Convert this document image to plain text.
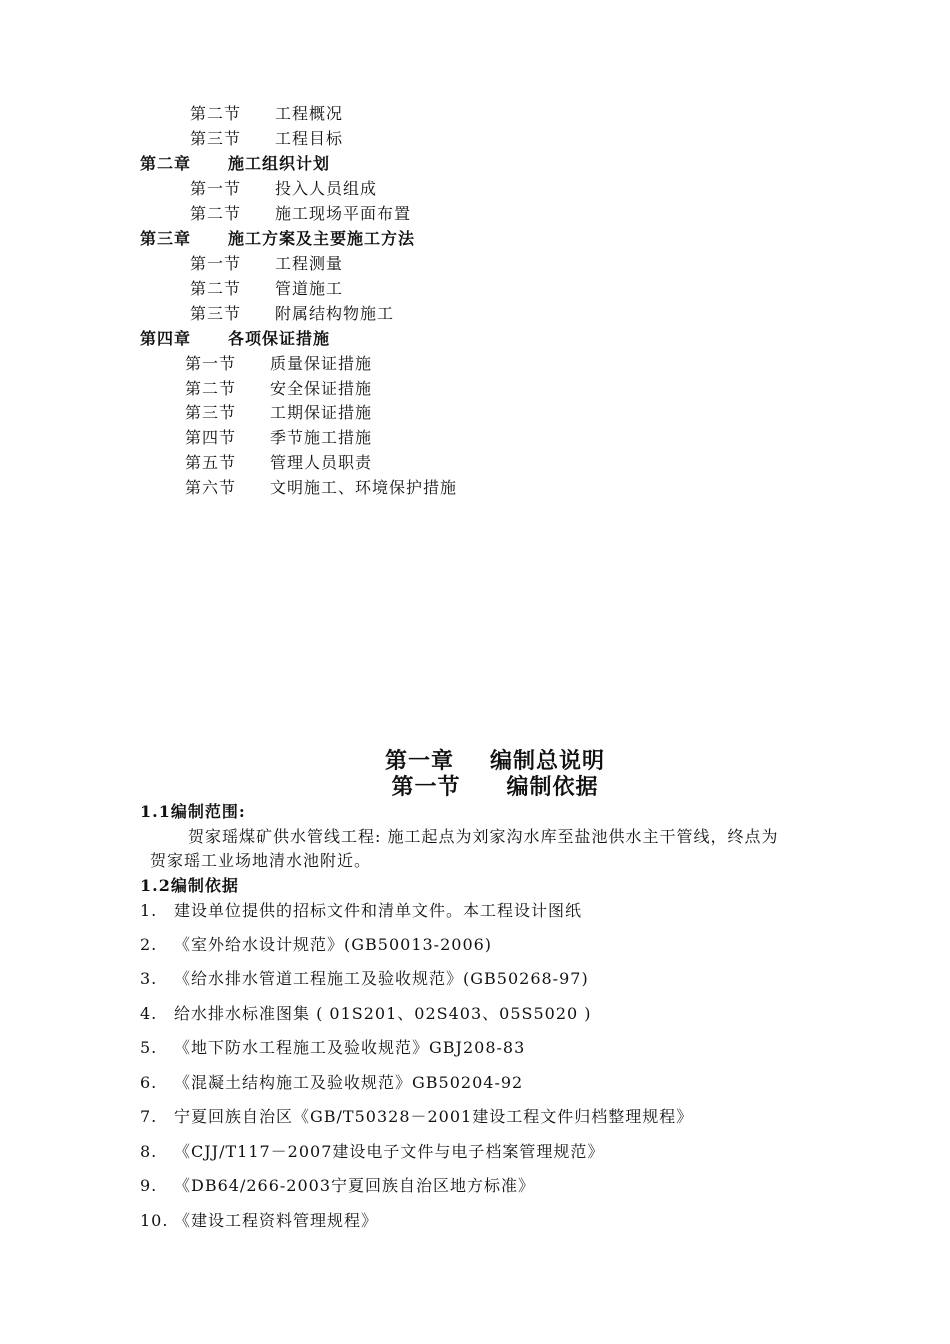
第二节 工程概况
第三节 工程目标
第二章 施工组织计划
第一节 投入人员组成
第二节 施工现场平面布置
第三章 施工方案及主要施工方法
第一节 工程测量
第二节 管道施工
第三节 附属结构物施工
第四章 各项保证措施
第一节 质量保证措施
第二节 安全保证措施
第三节 工期保证措施
第四节 季节施工措施
第五节 管理人员职责
第六节 文明施工、环境保护措施
第一章 编制总说明
第一节 编制依据
1.1编制范围:
贺家瑶煤矿供水管线工程: 施工起点为刘家沟水库至盐池供水主干管线，终点为
贺家瑶工业场地清水池附近。
1.2编制依据
1. 建设单位提供的招标文件和清单文件。本工程设计图纸
2. 《室外给水设计规范》(GB50013-2006)
3. 《给水排水管道工程施工及验收规范》(GB50268-97)
4. 给水排水标准图集 ( 01S201、02S403、05S5020 )
5. 《地下防水工程施工及验收规范》GBJ208-83
6. 《混凝土结构施工及验收规范》GB50204-92
7. 宁夏回族自治区《GB/T50328－2001建设工程文件归档整理规程》
8. 《CJJ/T117－2007建设电子文件与电子档案管理规范》
9. 《DB64/266-2003宁夏回族自治区地方标准》
10. 《建设工程资料管理规程》
